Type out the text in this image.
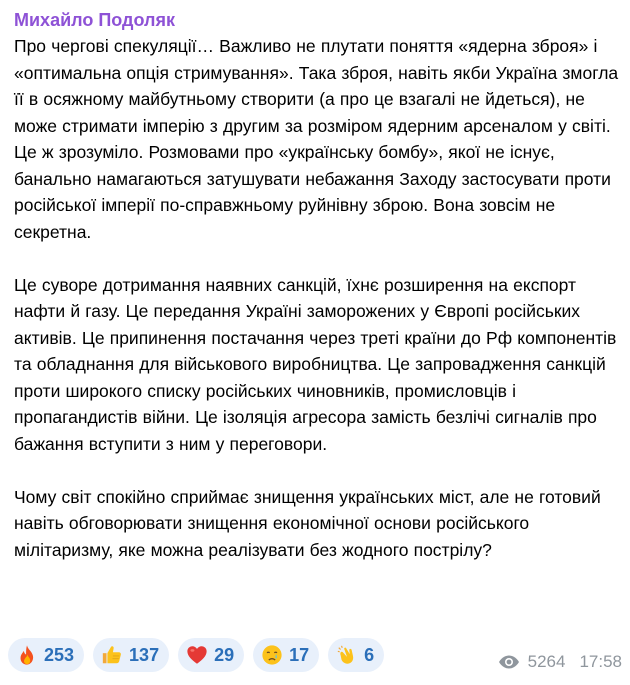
Михайло Подоляк

Про чергові спекуляції… Важливо не плутати поняття «ядерна зброя» і «оптимальна опція стримування». Така зброя, навіть якби Україна змогла її в осяжному майбутньому створити (а про це взагалі не йдеться), не може стримати імперію з другим за розміром ядерним арсеналом у світі. Це ж зрозуміло. Розмовами про «українську бомбу», якої не існує, банально намагаються затушувати небажання Заходу застосувати проти російської імперії по-справжньому руйнівну зброю. Вона зовсім не секретна.

Це суворе дотримання наявних санкцій, їхнє розширення на експорт нафти й газу. Це передання Україні заморожених у Європі російських активів. Це припинення постачання через треті країни до Рф компонентів та обладнання для військового виробництва. Це запровадження санкцій проти широкого списку російських чиновників, промисловців і пропагандистів війни. Це ізоляція агресора замість безлічі сигналів про бажання вступити з ним у переговори.

Чому світ спокійно сприймає знищення українських міст, але не готовий навіть обговорювати знищення економічної основи російського мілітаризму, яке можна реалізувати без жодного пострілу?

253	137	29	17	6	5264 17:58
